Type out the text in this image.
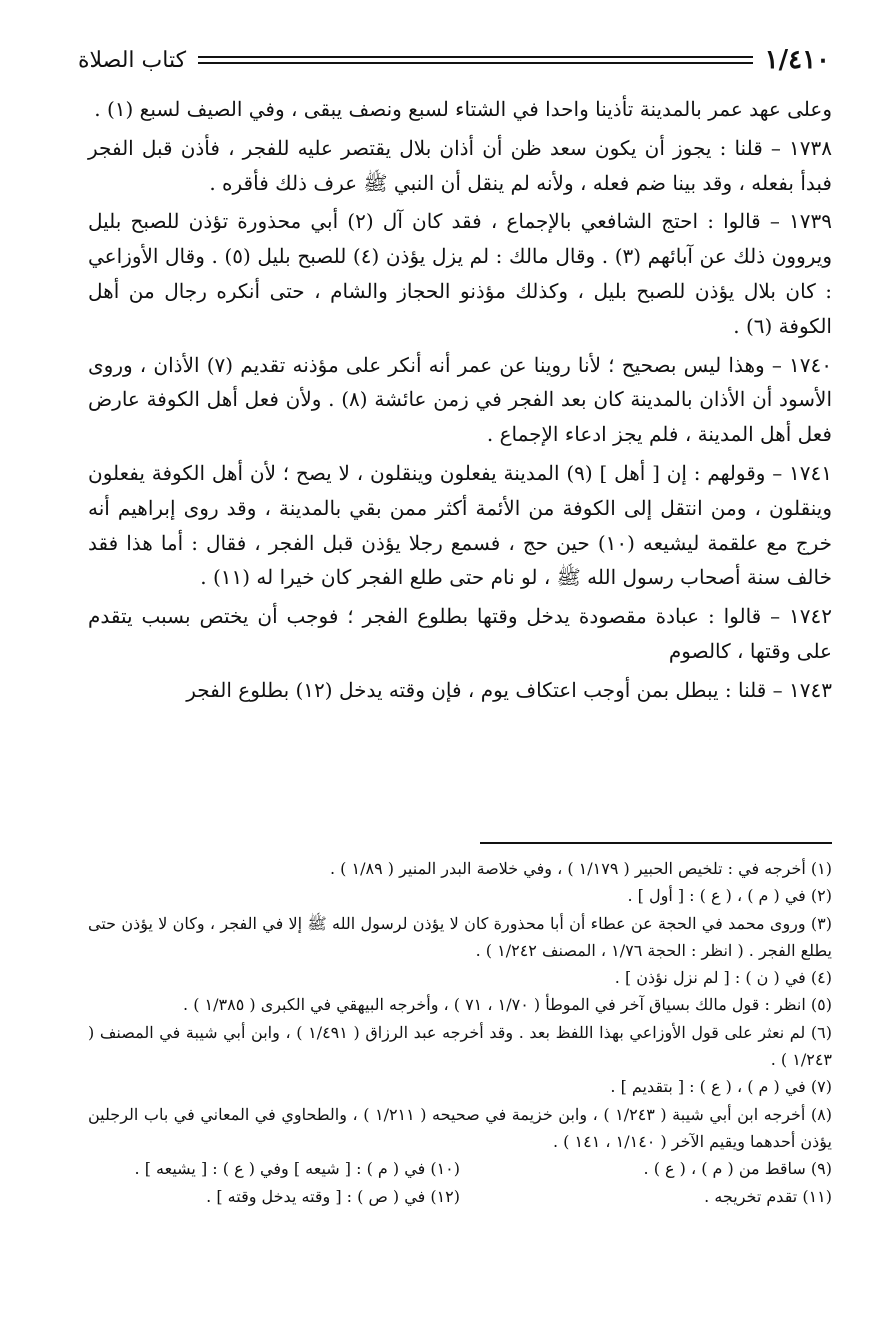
١/٤١٠
كتاب الصلاة

وعلى عهد عمر بالمدينة تأذينا واحدا في الشتاء لسبع ونصف يبقى ، وفي الصيف لسبع (١) .

١٧٣٨ – قلنا : يجوز أن يكون سعد ظن أن أذان بلال يقتصر عليه للفجر ، فأذن قبل الفجر فبدأ بفعله ، وقد بينا ضم فعله ، ولأنه لم ينقل أن النبي ﷺ عرف ذلك فأقره .

١٧٣٩ – قالوا : احتج الشافعي بالإجماع ، فقد كان آل (٢) أبي محذورة تؤذن للصبح بليل ويروون ذلك عن آبائهم (٣) . وقال مالك : لم يزل يؤذن (٤) للصبح بليل (٥) . وقال الأوزاعي : كان بلال يؤذن للصبح بليل ، وكذلك مؤذنو الحجاز والشام ، حتى أنكره رجال من أهل الكوفة (٦) .

١٧٤٠ – وهذا ليس بصحيح ؛ لأنا روينا عن عمر أنه أنكر على مؤذنه تقديم (٧) الأذان ، وروى الأسود أن الأذان بالمدينة كان بعد الفجر في زمن عائشة (٨) . ولأن فعل أهل الكوفة عارض فعل أهل المدينة ، فلم يجز ادعاء الإجماع .

١٧٤١ – وقولهم : إن [ أهل ] (٩) المدينة يفعلون وينقلون ، لا يصح ؛ لأن أهل الكوفة يفعلون وينقلون ، ومن انتقل إلى الكوفة من الأئمة أكثر ممن بقي بالمدينة ، وقد روى إبراهيم أنه خرج مع علقمة ليشيعه (١٠) حين حج ، فسمع رجلا يؤذن قبل الفجر ، فقال : أما هذا فقد خالف سنة أصحاب رسول الله ﷺ ، لو نام حتى طلع الفجر كان خيرا له (١١) .

١٧٤٢ – قالوا : عبادة مقصودة يدخل وقتها بطلوع الفجر ؛ فوجب أن يختص بسبب يتقدم على وقتها ، كالصوم

١٧٤٣ – قلنا : يبطل بمن أوجب اعتكاف يوم ، فإن وقته يدخل (١٢) بطلوع الفجر

(١) أخرجه في : تلخيص الحبير ( ١/١٧٩ ) ، وفي خلاصة البدر المنير ( ١/٨٩ ) .

(٢) في ( م ) ، ( ع ) : [ أول ] .

(٣) وروى محمد في الحجة عن عطاء أن أبا محذورة كان لا يؤذن لرسول الله ﷺ إلا في الفجر ، وكان لا يؤذن حتى يطلع الفجر . ( انظر : الحجة ١/٧٦ ، المصنف ١/٢٤٢ ) .

(٤) في ( ن ) : [ لم نزل نؤذن ] .

(٥) انظر : قول مالك بسياق آخر في الموطأ ( ١/٧٠ ، ٧١ ) ، وأخرجه البيهقي في الكبرى ( ١/٣٨٥ ) .

(٦) لم نعثر على قول الأوزاعي بهذا اللفظ بعد . وقد أخرجه عبد الرزاق ( ١/٤٩١ ) ، وابن أبي شيبة في المصنف ( ١/٢٤٣ ) .

(٧) في ( م ) ، ( ع ) : [ بتقديم ] .

(٨) أخرجه ابن أبي شيبة ( ١/٢٤٣ ) ، وابن خزيمة في صحيحه ( ١/٢١١ ) ، والطحاوي في المعاني في باب الرجلين يؤذن أحدهما ويقيم الآخر ( ١/١٤٠ ، ١٤١ ) .

(٩) ساقط من ( م ) ، ( ع ) .
(١٠) في ( م ) : [ شيعه ] وفي ( ع ) : [ يشيعه ] .
(١١) تقدم تخريجه .
(١٢) في ( ص ) : [ وقته يدخل وقته ] .
